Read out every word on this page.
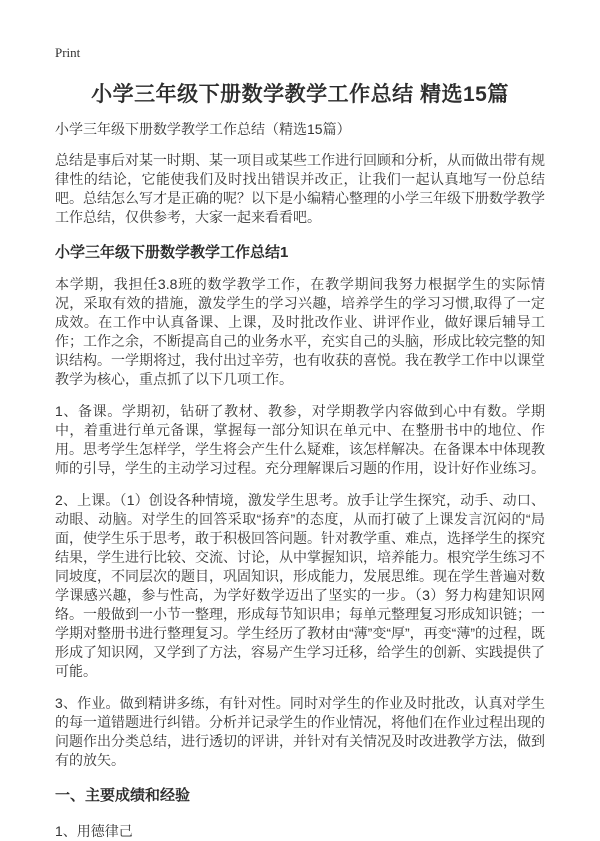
Print
小学三年级下册数学教学工作总结 精选15篇
小学三年级下册数学教学工作总结（精选15篇）

总结是事后对某一时期、某一项目或某些工作进行回顾和分析，从而做出带有规律性的结论，它能使我们及时找出错误并改正，让我们一起认真地写一份总结吧。总结怎么写才是正确的呢？以下是小编精心整理的小学三年级下册数学教学工作总结，仅供参考，大家一起来看看吧。

小学三年级下册数学教学工作总结1

本学期，我担任3.8班的数学教学工作，在教学期间我努力根据学生的实际情况，采取有效的措施，激发学生的学习兴趣，培养学生的学习习惯,取得了一定成效。在工作中认真备课、上课，及时批改作业、讲评作业，做好课后辅导工作；工作之余，不断提高自己的业务水平，充实自己的头脑，形成比较完整的知识结构。一学期将过，我付出过辛劳，也有收获的喜悦。我在教学工作中以课堂教学为核心，重点抓了以下几项工作。

1、备课。学期初，钻研了教材、教参，对学期教学内容做到心中有数。学期中，着重进行单元备课，掌握每一部分知识在单元中、在整册书中的地位、作用。思考学生怎样学，学生将会产生什么疑难，该怎样解决。在备课本中体现教师的引导，学生的主动学习过程。充分理解课后习题的作用，设计好作业练习。

2、上课。（1）创设各种情境，激发学生思考。放手让学生探究，动手、动口、动眼、动脑。对学生的回答采取“扬弃”的态度，从而打破了上课发言沉闷的“局面，使学生乐于思考，敢于积极回答问题。针对教学重、难点，选择学生的探究结果，学生进行比较、交流、讨论，从中掌握知识，培养能力。根究学生练习不同坡度，不同层次的题目，巩固知识，形成能力，发展思维。现在学生普遍对数学课感兴趣，参与性高，为学好数学迈出了坚实的一步。（3）努力构建知识网络。一般做到一小节一整理，形成每节知识串；每单元整理复习形成知识链；一学期对整册书进行整理复习。学生经历了教材由“薄”变“厚”，再变“薄”的过程，既形成了知识网，又学到了方法，容易产生学习迁移，给学生的创新、实践提供了可能。

3、作业。做到精讲多练，有针对性。同时对学生的作业及时批改，认真对学生的每一道错题进行纠错。分析并记录学生的作业情况，将他们在作业过程出现的问题作出分类总结，进行透切的评讲，并针对有关情况及时改进教学方法，做到有的放矢。

一、主要成绩和经验
1、用德律己
